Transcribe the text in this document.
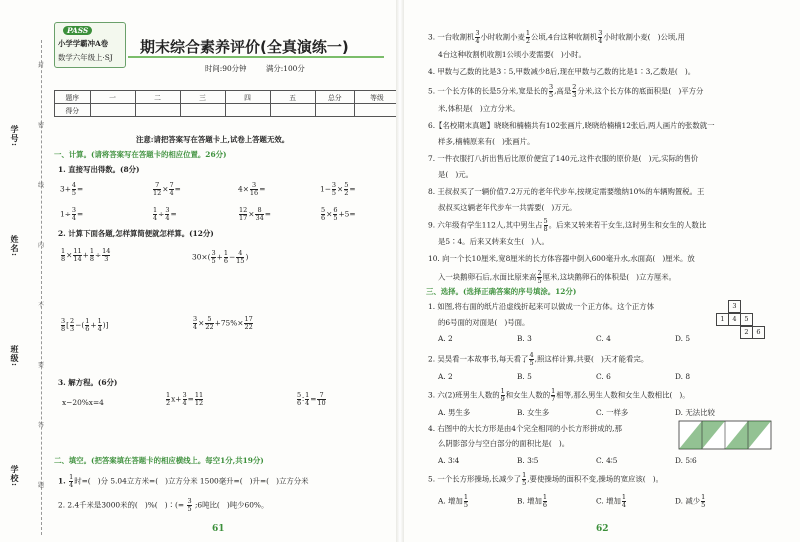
学号:
姓名:
班级:
学校:
封
密
线
内
不
要
答
题
PASS
小学学霸冲A卷
数学六年级上·SJ
期末综合素养评价(全真演练一)
时间:90分钟	满分:100分
题序	一	二	三	四	五	总分	等级
得分							
注意:请把答案写在答题卡上,试卷上答题无效。
一、计算。(请将答案写在答题卡的相应位置。26分)
1. 直接写出得数。(8分)
$3+ \frac{4}{5}$ =	$\frac{7}{12} \times \frac{7}{4}$ =	$4\times \frac{3}{16}$ =	$1- \frac{3}{5} \times \frac{5}{2}$ =
$1\div \frac{3}{4}$ =	$\frac{1}{4} \div \frac{3}{4}$ =	$\frac{12}{17} \times \frac{8}{34}$ =	$\frac{5}{6} \times \frac{6}{5} +5=$
2. 计算下面各题,怎样算简便就怎样算。(12分)
$\frac{1}{8} \times \frac{11}{14} + \frac{1}{8} \div \frac{14}{3}$	$30\times( \frac{3}{5} + \frac{1}{6} - \frac{4}{15}$ )
$\frac{3}{8}$ [ $\frac{2}{3}$ −( $\frac{1}{6} + \frac{1}{4}$ )]	$\frac{3}{4} \times \frac{5}{22} +75\%\times \frac{17}{22}$
3. 解方程。(6分)
x−20%x=4	$\frac{1}{2} x+ \frac{3}{4} = \frac{11}{12}$	$\frac{5}{6}$ ∶ $\frac{1}{4} = \frac{7}{10}$
二、填空。(把答案填在答题卡的相应横线上。每空1分,共19分)
1. $\frac{1}{4}$ 时=( )分 5.04立方米=( )立方分米 1500毫升=( )升=( )立方分米
2. 2.4千米是3000米的( )%( )∶(= $\frac{3}{5}$ ;6吨比(   )吨少60%。
61
3. 一台收割机 $\frac{3}{4}$ 小时收割小麦 $\frac{1}{2}$ 公顷,4台这种收割机 $\frac{3}{4}$ 小时收割小麦( )公顷,用
4台这种收割机收割1公顷小麦需要( )小时。
4. 甲数与乙数的比是3∶5,甲数减少8后,现在甲数与乙数的比是1∶3,乙数是( )。
5. 一个长方体的长是5分米,宽是长的 $\frac{3}{5}$ ,高是 $\frac{2}{3}$ 分米,这个长方体的底面积是( )平方分
米,体积是( )立方分米。
6.【名校期末真题】晓晓和楠楠共有102张画片,晓晓给楠楠12张后,两人画片的张数就一
样多,楠楠原来有( )张画片。
7. 一件衣服打八折出售后比原价便宜了140元,这件衣服的原价是( )元,实际的售价
是( )元。
8. 王叔叔买了一辆价值7.2万元的老年代步车,按规定需要缴纳10%的车辆购置税。王
叔叔买这辆老年代步车一共需要( )万元。
9. 六年级有学生112人,其中男生占 $\frac{5}{8}$ 。后来又转来若干女生,这时男生和女生的人数比
是5∶4。后来又转来女生( )人。
10. 向一个长10厘米,宽8厘米的长方体容器中倒入600毫升水,水面高( )厘米。放
入一块鹅卵石后,水面比原来高 $\frac{2}{5}$ 厘米,这块鹅卵石的体积是( )立方厘米。
三、选择。(选择正确答案的序号填涂。12分)
1. 如图,将右面的纸片沿虚线折起来可以做成一个正方体。这个正方体
的6号面的对面是( )号面。
A. 2	B. 3	C. 4	D. 5
3
1	4	5
2	6
2. 吴昊看一本故事书,每天看了 $\frac{4}{5}$ ,照这样计算,共要( )天才能看完。
A. 2	B. 5	C. 6	D. 8
3. 六(2)班男生人数的 $\frac{1}{9}$ 和女生人数的 $\frac{1}{7}$ 相等,那么男生人数和女生人数相比( )。
A. 男生多	B. 女生多	C. 一样多	D. 无法比较
4. 右图中的大长方形是由4个完全相同的小长方形拼成的,那
么阴影部分与空白部分的面积比是( )。
A. 3∶4	B. 3∶5	C. 4∶5	D. 5∶6
5. 一个长方形操场,长减少了 $\frac{1}{5}$ ,要使操场的面积不变,操场的宽应该( )。
A. 增加 $\frac{1}{5}$	B. 增加 $\frac{1}{6}$	C. 增加 $\frac{1}{4}$	D. 减少 $\frac{1}{5}$
62
